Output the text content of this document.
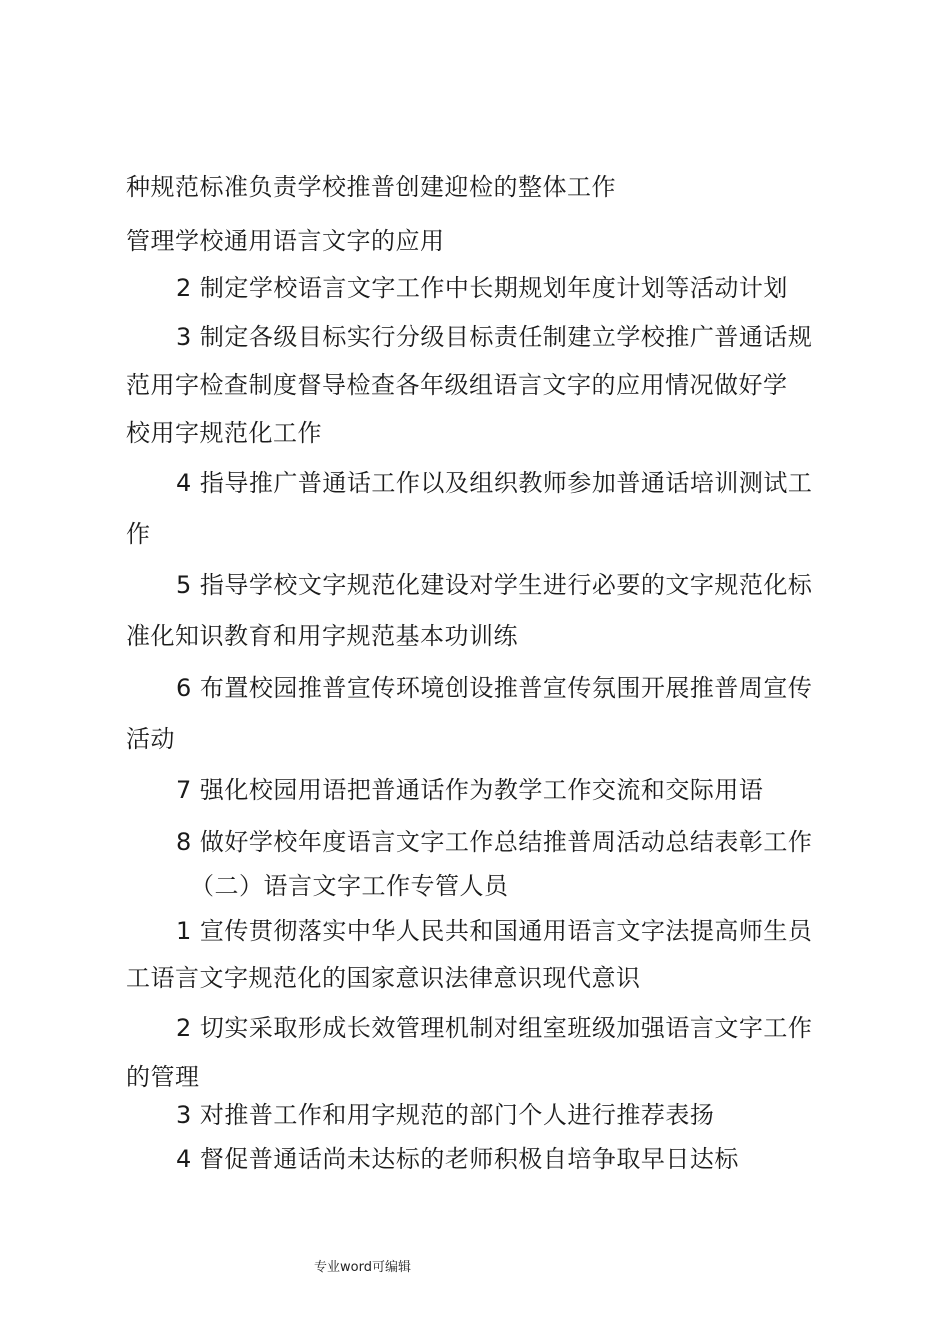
种规范标准负责学校推普创建迎检的整体工作
管理学校通用语言文字的应用
2 制定学校语言文字工作中长期规划年度计划等活动计划
3 制定各级目标实行分级目标责任制建立学校推广普通话规
范用字检查制度督导检查各年级组语言文字的应用情况做好学
校用字规范化工作
4 指导推广普通话工作以及组织教师参加普通话培训测试工
作
5 指导学校文字规范化建设对学生进行必要的文字规范化标
准化知识教育和用字规范基本功训练
6 布置校园推普宣传环境创设推普宣传氛围开展推普周宣传
活动
7 强化校园用语把普通话作为教学工作交流和交际用语
8 做好学校年度语言文字工作总结推普周活动总结表彰工作
（二）语言文字工作专管人员
1 宣传贯彻落实中华人民共和国通用语言文字法提高师生员
工语言文字规范化的国家意识法律意识现代意识
2 切实采取形成长效管理机制对组室班级加强语言文字工作
的管理
3 对推普工作和用字规范的部门个人进行推荐表扬
4 督促普通话尚未达标的老师积极自培争取早日达标
专业word可编辑
